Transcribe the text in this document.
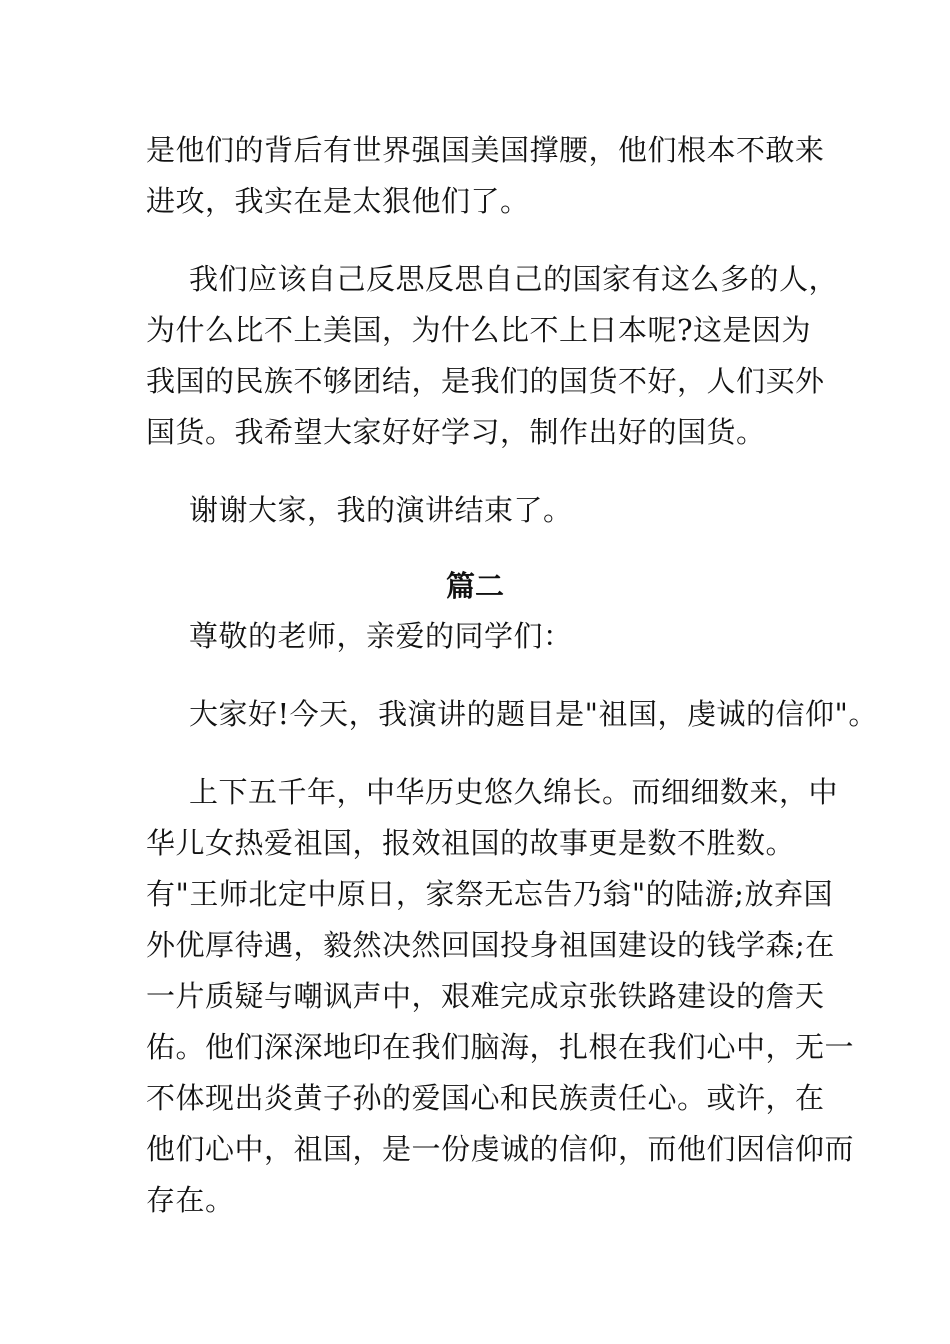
是他们的背后有世界强国美国撑腰，他们根本不敢来
进攻，我实在是太狠他们了。
我们应该自己反思反思自己的国家有这么多的人，
为什么比不上美国，为什么比不上日本呢?这是因为
我国的民族不够团结，是我们的国货不好，人们买外
国货。我希望大家好好学习，制作出好的国货。
谢谢大家，我的演讲结束了。
篇二
尊敬的老师，亲爱的同学们：
大家好!今天，我演讲的题目是"祖国，虔诚的信仰"。
上下五千年，中华历史悠久绵长。而细细数来，中
华儿女热爱祖国，报效祖国的故事更是数不胜数。
有"王师北定中原日，家祭无忘告乃翁"的陆游;放弃国
外优厚待遇，毅然决然回国投身祖国建设的钱学森;在
一片质疑与嘲讽声中，艰难完成京张铁路建设的詹天
佑。他们深深地印在我们脑海，扎根在我们心中，无一
不体现出炎黄子孙的爱国心和民族责任心。或许，在
他们心中，祖国，是一份虔诚的信仰，而他们因信仰而
存在。
